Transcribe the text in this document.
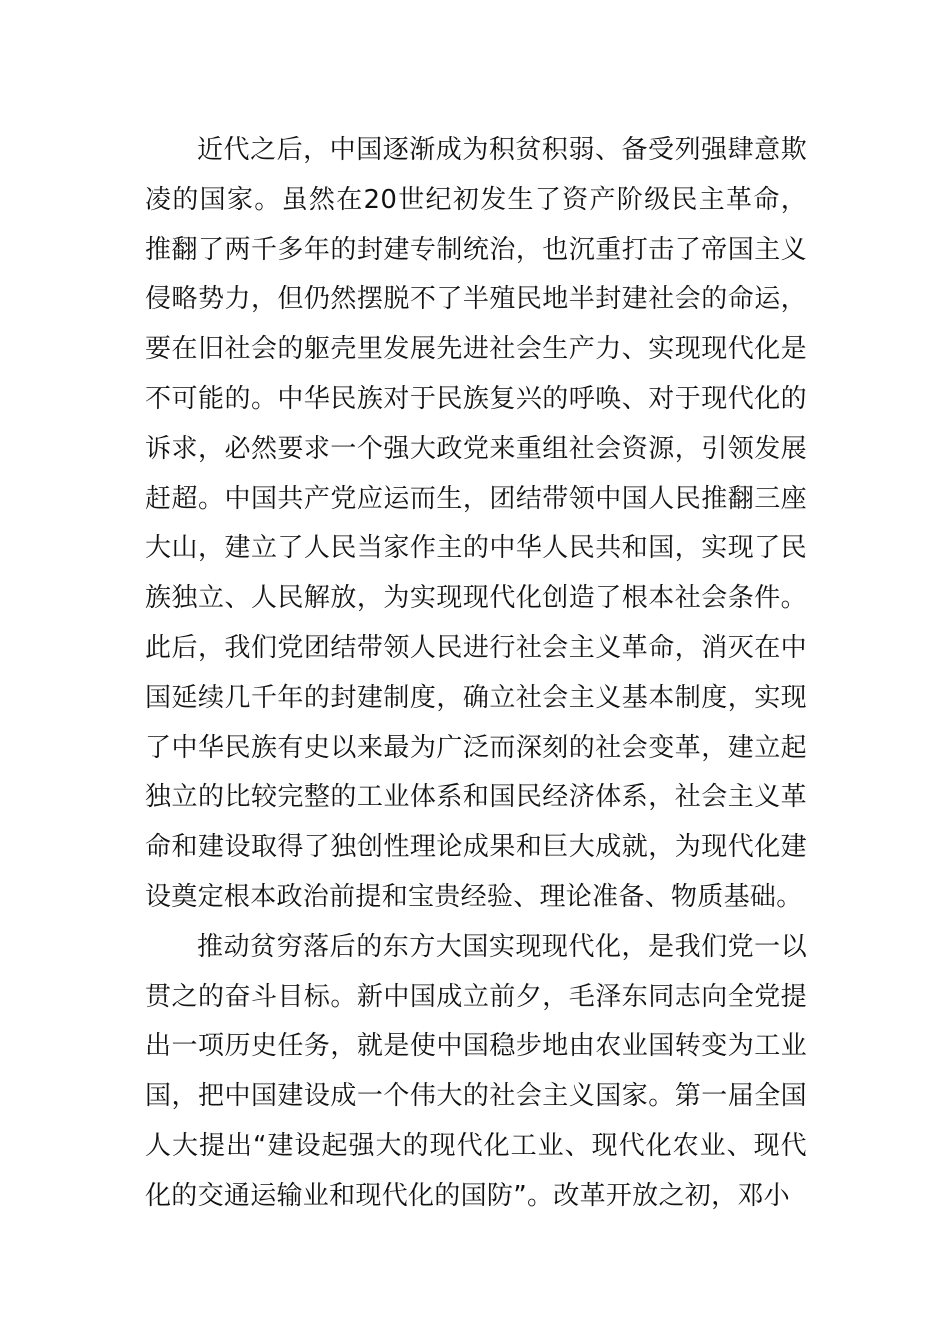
近代之后，中国逐渐成为积贫积弱、备受列强肆意欺凌的国家。虽然在20世纪初发生了资产阶级民主革命，推翻了两千多年的封建专制统治，也沉重打击了帝国主义侵略势力，但仍然摆脱不了半殖民地半封建社会的命运，要在旧社会的躯壳里发展先进社会生产力、实现现代化是不可能的。中华民族对于民族复兴的呼唤、对于现代化的诉求，必然要求一个强大政党来重组社会资源，引领发展赶超。中国共产党应运而生，团结带领中国人民推翻三座大山，建立了人民当家作主的中华人民共和国，实现了民族独立、人民解放，为实现现代化创造了根本社会条件。此后，我们党团结带领人民进行社会主义革命，消灭在中国延续几千年的封建制度，确立社会主义基本制度，实现了中华民族有史以来最为广泛而深刻的社会变革，建立起独立的比较完整的工业体系和国民经济体系，社会主义革命和建设取得了独创性理论成果和巨大成就，为现代化建设奠定根本政治前提和宝贵经验、理论准备、物质基础。

推动贫穷落后的东方大国实现现代化，是我们党一以贯之的奋斗目标。新中国成立前夕，毛泽东同志向全党提出一项历史任务，就是使中国稳步地由农业国转变为工业国，把中国建设成一个伟大的社会主义国家。第一届全国人大提出“建设起强大的现代化工业、现代化农业、现代化的交通运输业和现代化的国防”。改革开放之初，邓小
